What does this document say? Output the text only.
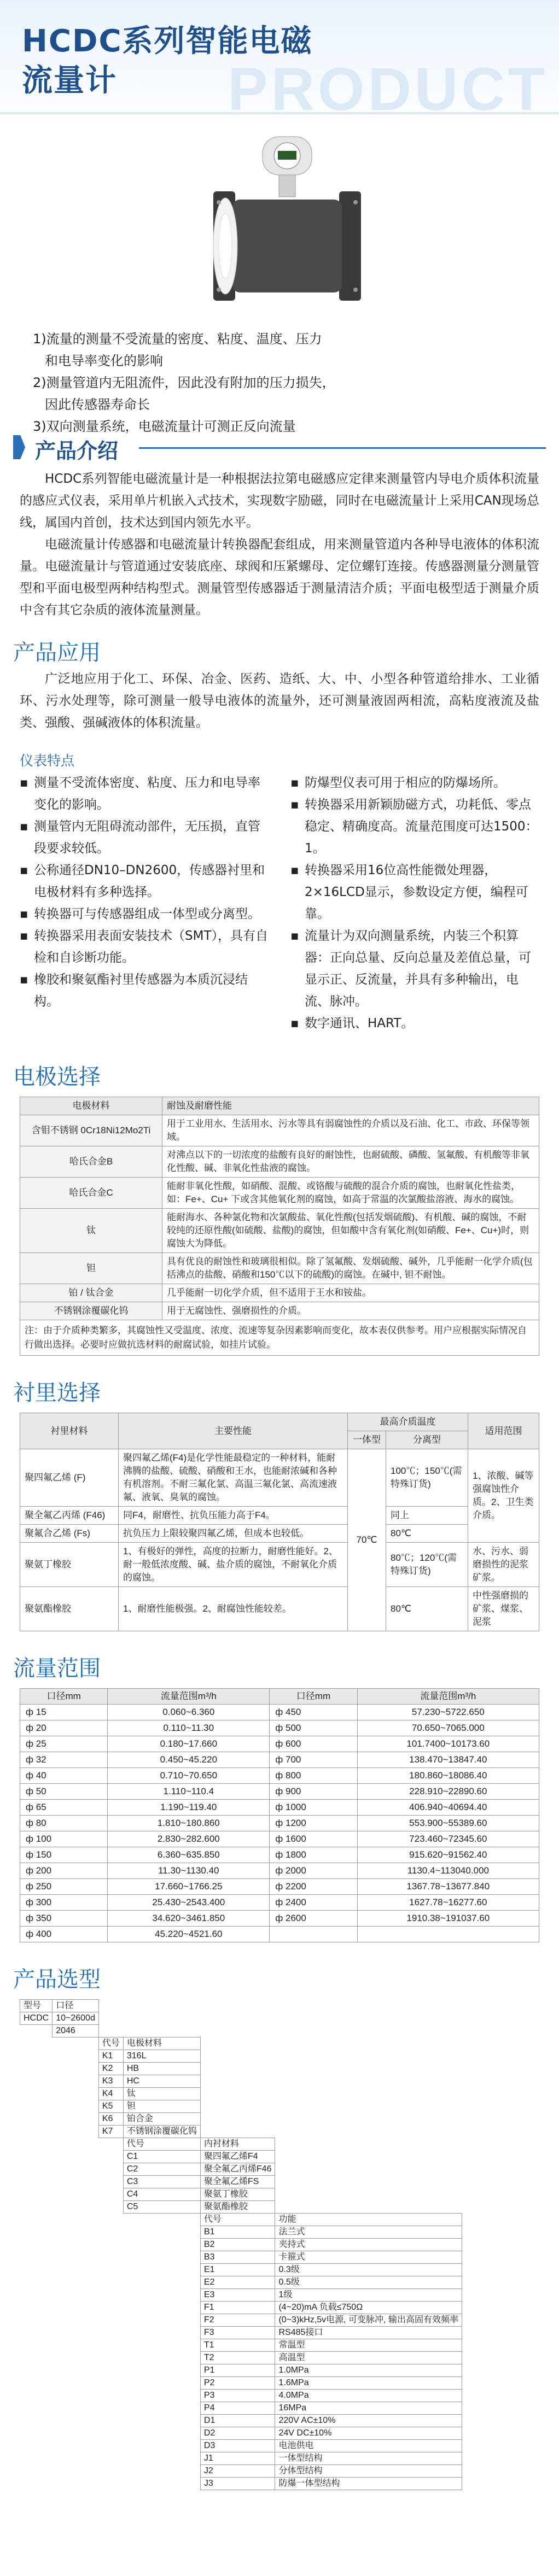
PRODUCT
HCDC系列智能电磁
流量计
1)流量的测量不受流量的密度、粘度、温度、压力
和电导率变化的影响
2)测量管道内无阻流件，因此没有附加的压力损失，
因此传感器寿命长
3)双向测量系统，电磁流量计可测正反向流量
产品介绍
HCDC系列智能电磁流量计是一种根据法拉第电磁感应定律来测量管内导电介质体积流量的感应式仪表，采用单片机嵌入式技术，实现数字励磁，同时在电磁流量计上采用CAN现场总线，属国内首创，技术达到国内领先水平。
电磁流量计传感器和电磁流量计转换器配套组成，用来测量管道内各种导电液体的体积流量。电磁流量计与管道通过安装底座、球阀和压紧螺母、定位螺钉连接。传感器测量分测量管型和平面电极型两种结构型式。测量管型传感器适于测量清洁介质；平面电极型适于测量介质中含有其它杂质的液体流量测量。
产品应用
广泛地应用于化工、环保、冶金、医药、造纸、大、中、小型各种管道给排水、工业循环、污水处理等，除可测量一般导电液体的流量外，还可测量液固两相流，高粘度液流及盐类、强酸、强碱液体的体积流量。
仪表特点
▪ 测量不受流体密度、粘度、压力和电导率变化的影响。
▪ 测量管内无阻碍流动部件，无压损，直管段要求较低。
▪ 公称通径DN10–DN2600，传感器衬里和电极材料有多种选择。
▪ 转换器可与传感器组成一体型或分离型。
▪ 转换器采用表面安装技术（SMT），具有自检和自诊断功能。
▪ 橡胶和聚氨酯衬里传感器为本质沉浸结构。
▪ 防爆型仪表可用于相应的防爆场所。
▪ 转换器采用新颖励磁方式，功耗低、零点稳定、精确度高。流量范围度可达1500：1。
▪ 转换器采用16位高性能微处理器，2×16LCD显示，参数设定方便，编程可靠。
▪ 流量计为双向测量系统，内装三个积算器：正向总量、反向总量及差值总量，可显示正、反流量，并具有多种输出，电流、脉冲。
▪ 数字通讯、HART。
电极选择
电极材料	耐蚀及耐磨性能
含钼不锈钢 0Cr18Ni12Mo2Ti	用于工业用水、生活用水、污水等具有弱腐蚀性的介质以及石油、化工、市政、环保等领域。
哈氏合金B	对沸点以下的一切浓度的盐酸有良好的耐蚀性，也耐硫酸、磷酸、氢氟酸、有机酸等非氧化性酸、碱、非氧化性盐液的腐蚀。
哈氏合金C	能耐非氧化性酸，如硝酸、混酸、或铬酸与硫酸的混合介质的腐蚀，也耐氧化性盐类，如：Fe+、Cu+ 下或含其他氧化剂的腐蚀，如高于常温的次氯酸盐溶液、海水的腐蚀。
钛	能耐海水、各种氯化物和次氯酸盐、氧化性酸(包括发烟硫酸)、有机酸、碱的腐蚀，不耐较纯的还原性酸(如硫酸、盐酸)的腐蚀，但如酸中含有氧化剂(如硝酸、Fe+、Cu+)时，则腐蚀大为降低。
钽	具有优良的耐蚀性和玻璃很相似。除了氢氟酸、发烟硫酸、碱外，几乎能耐一化学介质(包括沸点的盐酸、硝酸和150℃以下的硫酸)的腐蚀。在碱中, 钽不耐蚀。
铂 / 钛合金	几乎能耐一切化学介质，但不适用于王水和铵盐。
不锈钢涂覆碳化钨	用于无腐蚀性、强磨损性的介质。
注：由于介质种类繁多，其腐蚀性又受温度、浓度、流速等复杂因素影响而变化，故本表仅供参考。用户应根据实际情况自行做出选择。必要时应做抗选材料的耐腐试验，如挂片试验。
衬里选择
衬里材料	主要性能	最高介质温度		适用范围
		一体型	分离型	
聚四氟乙烯 (F)	聚四氟乙烯(F4)是化学性能最稳定的一种材料，能耐沸腾的盐酸、硫酸、硝酸和王水，也能耐浓碱和各种有机溶剂。不耐三氟化氯、高温三氟化氯、高流速液氟、液氧、臭氧的腐蚀。	70℃	100℃；150℃(需特殊订货)	1、浓酸、碱等强腐蚀性介质。2、卫生类介质。
聚全氟乙丙烯 (F46)	同F4，耐磨性、抗负压能力高于F4。		同上	
聚氟合乙烯 (Fs)	抗负压力上限较聚四氟乙烯，但成本也较低。		80℃	
聚氨丁橡胶	1、有极好的弹性，高度的拉断力，耐磨性能好。2、耐一般低浓度酸、碱、盐介质的腐蚀，不耐氧化介质的腐蚀。		80℃；120℃(需特殊订货)	水、污水、弱磨损性的泥浆矿浆。
聚氨酯橡胶	1、耐磨性能极强。2、耐腐蚀性能较差。		80℃	中性强磨损的矿浆、煤浆、泥浆
流量范围
口径mm	流量范围m³/h	口径mm	流量范围m³/h
ф 15	0.060~6.360	ф 450	57.230~5722.650
ф 20	0.110~11.30	ф 500	70.650~7065.000
ф 25	0.180~17.660	ф 600	101.7400~10173.60
ф 32	0.450~45.220	ф 700	138.470~13847.40
ф 40	0.710~70.650	ф 800	180.860~18086.40
ф 50	1.110~110.4	ф 900	228.910~22890.60
ф 65	1.190~119.40	ф 1000	406.940~40694.40
ф 80	1.810~180.860	ф 1200	553.900~55389.60
ф 100	2.830~282.600	ф 1600	723.460~72345.60
ф 150	6.360~635.850	ф 1800	915.620~91562.40
ф 200	11.30~1130.40	ф 2000	1130.4~113040.000
ф 250	17.660~1766.25	ф 2200	1367.78~13677.840
ф 300	25.430~2543.400	ф 2400	1627.78~16277.60
ф 350	34.620~3461.850	ф 2600	1910.38~191037.60
ф 400	45.220~4521.60		
产品选型
型号	口径				
HCDC	10~2600d				
	2046				
		代号	电极材料		
		K1	316L		
		K2	HB		
		K3	HC		
		K4	钛		
		K5	钽		
		K6	铂合金		
		K7	不锈钢涂覆碳化钨		
			代号	内衬材料	
			C1	聚四氟乙烯F4	
			C2	聚全氟乙丙烯F46	
			C3	聚全氟乙烯FS	
			C4	聚氨丁橡胶	
			C5	聚氨酯橡胶	
				代号	功能
				B1	法兰式
				B2	夹持式
				B3	卡箍式
				E1	0.3级
				E2	0.5级
				E3	1级
				F1	(4~20)mA 负载≤750Ω
				F2	(0~3)kHz,5v电源, 可变脉冲, 输出高固有效频率
				F3	RS485接口
				T1	常温型
				T2	高温型
				P1	1.0MPa
				P2	1.6MPa
				P3	4.0MPa
				P4	16MPa
				D1	220V AC±10%
				D2	24V DC±10%
				D3	电池供电
				J1	一体型结构
				J2	分体型结构
				J3	防爆一体型结构
